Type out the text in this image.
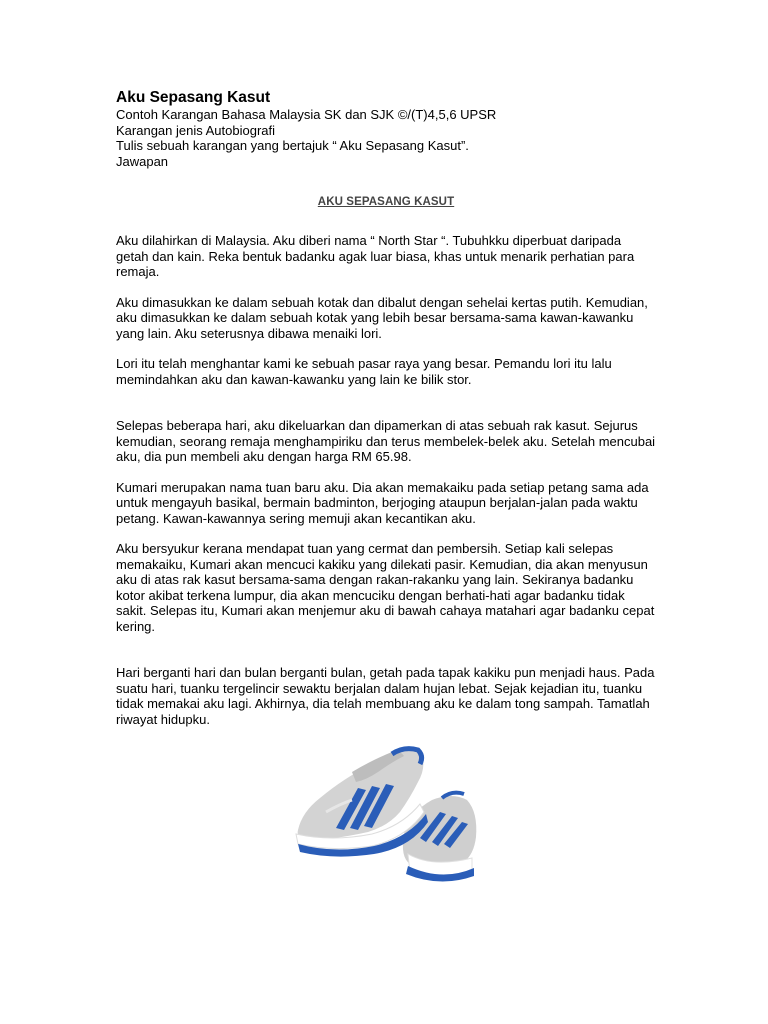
Aku Sepasang Kasut

Contoh Karangan Bahasa Malaysia SK dan SJK ©/(T)4,5,6 UPSR

Karangan jenis Autobiografi

Tulis sebuah karangan yang bertajuk “ Aku Sepasang Kasut”.

Jawapan

AKU SEPASANG KASUT

Aku dilahirkan di Malaysia. Aku diberi nama “ North Star “. Tubuhkku diperbuat daripada getah dan kain. Reka bentuk badanku agak luar biasa, khas untuk menarik perhatian para remaja.

Aku dimasukkan ke dalam sebuah kotak dan dibalut dengan sehelai kertas putih. Kemudian, aku dimasukkan ke dalam sebuah kotak yang lebih besar bersama-sama kawan-kawanku yang lain. Aku seterusnya dibawa menaiki lori.

Lori itu telah menghantar kami ke sebuah pasar raya yang besar. Pemandu lori itu lalu memindahkan aku dan kawan-kawanku yang lain ke bilik stor.

Selepas beberapa hari, aku dikeluarkan dan dipamerkan di atas sebuah rak kasut. Sejurus kemudian, seorang remaja menghampiriku dan terus membelek-belek aku. Setelah mencubai aku, dia pun membeli aku dengan harga RM 65.98.

Kumari merupakan nama tuan baru aku. Dia akan memakaiku pada setiap petang sama ada untuk mengayuh basikal, bermain badminton, berjoging ataupun berjalan-jalan pada waktu petang. Kawan-kawannya sering memuji akan kecantikan aku.

Aku bersyukur kerana mendapat tuan yang cermat dan pembersih. Setiap kali selepas memakaiku, Kumari akan mencuci kakiku yang dilekati pasir. Kemudian, dia akan menyusun aku di atas rak kasut bersama-sama dengan rakan-rakanku yang lain. Sekiranya badanku kotor akibat terkena lumpur, dia akan mencuciku dengan berhati-hati agar badanku tidak sakit. Selepas itu, Kumari akan menjemur aku di bawah cahaya matahari agar badanku cepat kering.

Hari berganti hari dan bulan berganti bulan, getah pada tapak kakiku pun menjadi haus. Pada suatu hari, tuanku tergelincir sewaktu berjalan dalam hujan lebat. Sejak kejadian itu, tuanku tidak memakai aku lagi. Akhirnya, dia telah membuang aku ke dalam tong sampah. Tamatlah riwayat hidupku.
